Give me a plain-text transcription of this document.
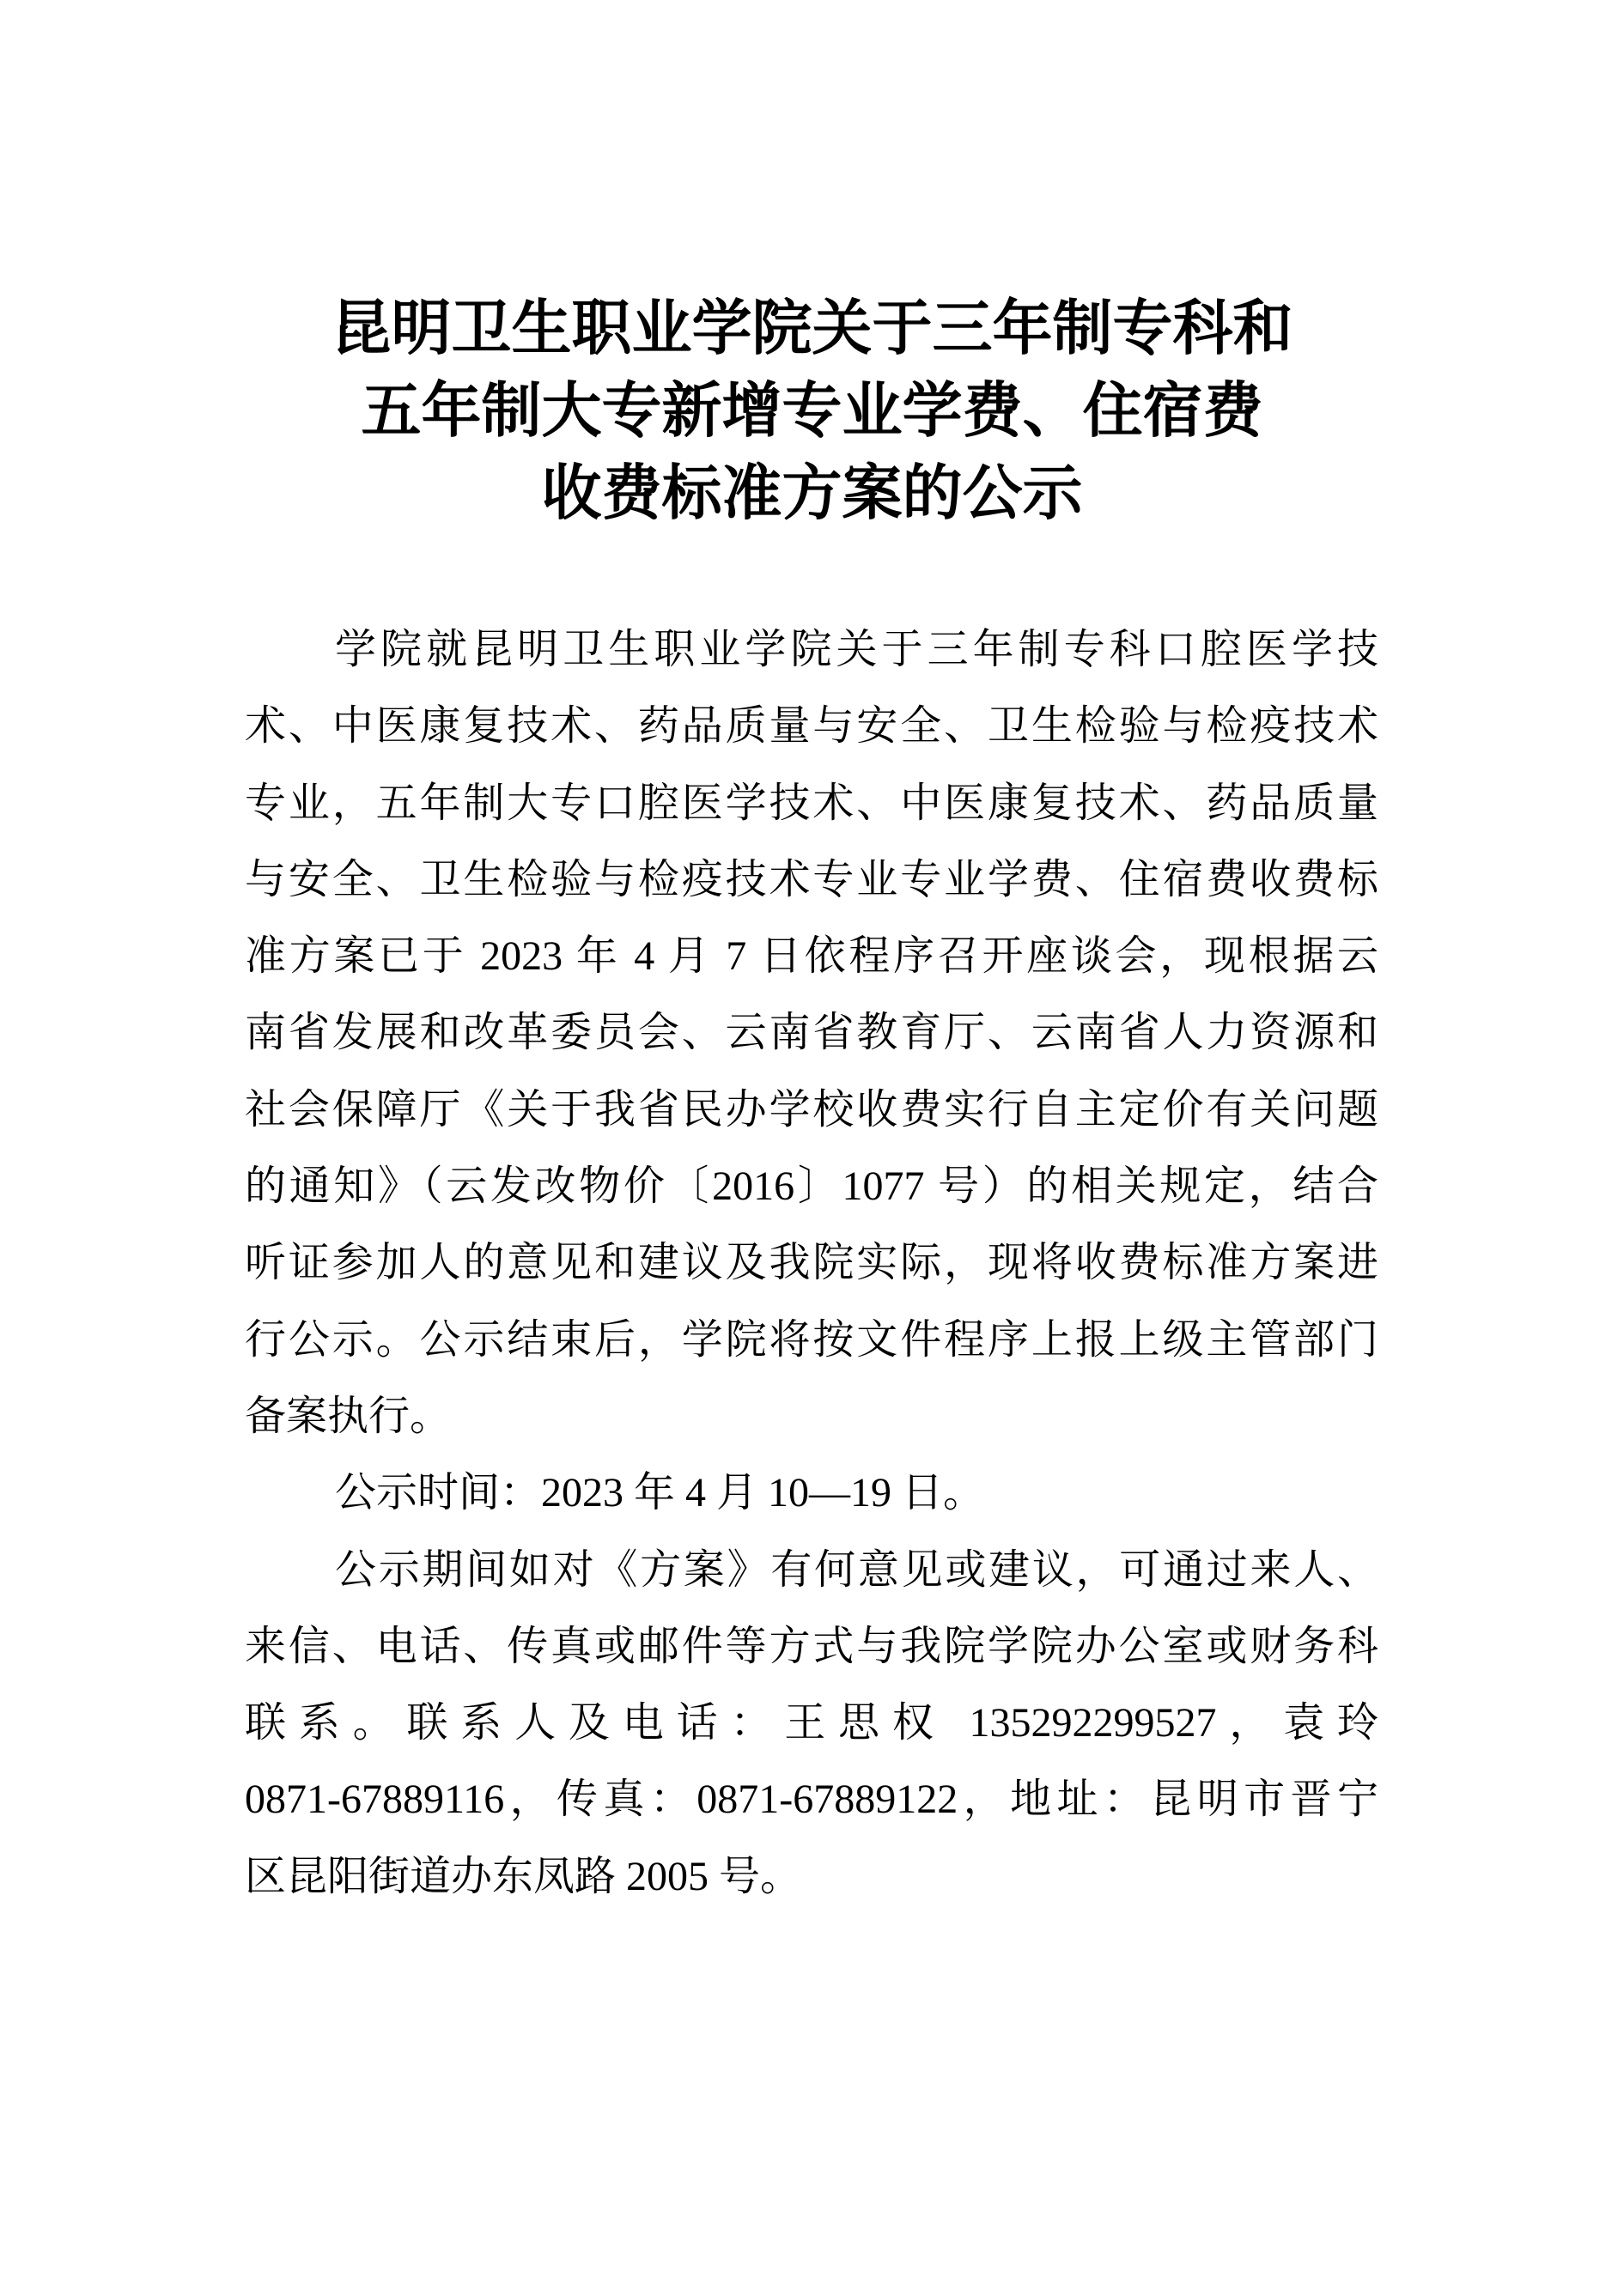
昆明卫生职业学院关于三年制专科和
五年制大专新增专业学费、住宿费
收费标准方案的公示
学院就昆明卫生职业学院关于三年制专科口腔医学技
术、中医康复技术、药品质量与安全、卫生检验与检疫技术
专业，五年制大专口腔医学技术、中医康复技术、药品质量
与安全、卫生检验与检疫技术专业专业学费、住宿费收费标
准方案已于 2023 年 4 月 7 日依程序召开座谈会，现根据云
南省发展和改革委员会、云南省教育厅、云南省人力资源和
社会保障厅《关于我省民办学校收费实行自主定价有关问题
的通知》（云发改物价〔2016〕1077 号）的相关规定，结合
听证参加人的意见和建议及我院实际，现将收费标准方案进
行公示。公示结束后，学院将按文件程序上报上级主管部门
备案执行。
公示时间：2023 年 4 月 10—19 日。
公示期间如对《方案》有何意见或建议，可通过来人、
来信、电话、传真或邮件等方式与我院学院办公室或财务科
联系。联系人及电话：王思权 135292299527，袁玲
0871-67889116，传真：0871-67889122，地址：昆明市晋宁
区昆阳街道办东凤路 2005 号。
